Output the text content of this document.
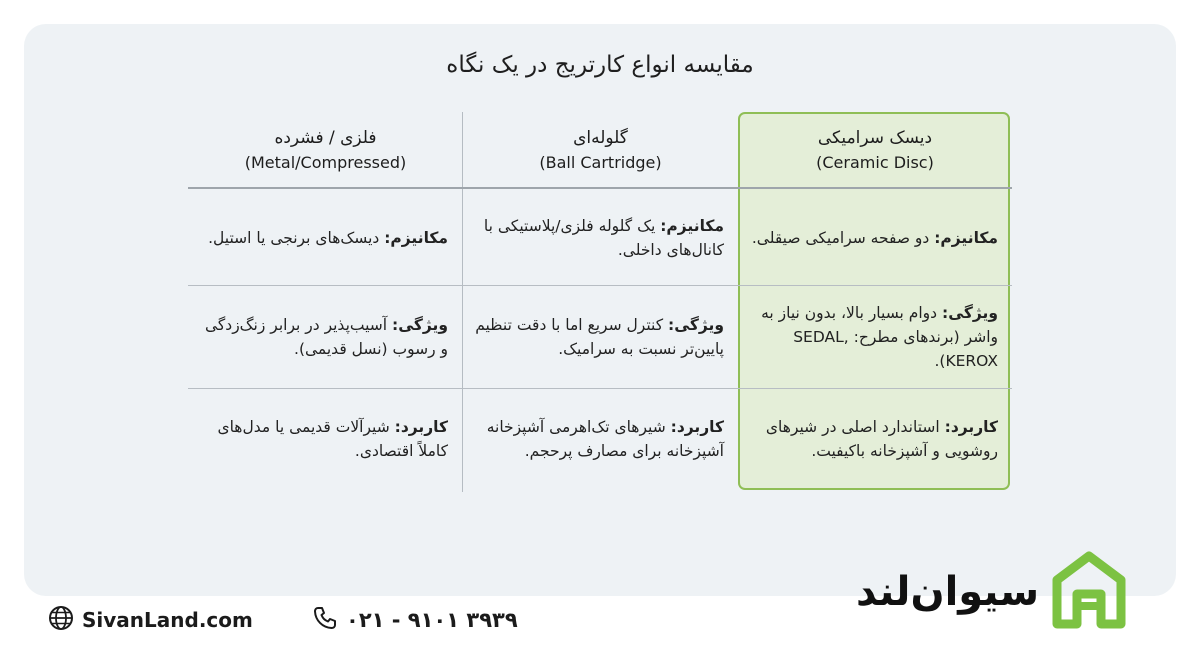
مقایسه انواع کارتریج در یک نگاه
دیسک سرامیکی
(Ceramic Disc)
گلوله‌ای
(Ball Cartridge)
فلزی / فشرده
(Metal/Compressed)
مکانیزم: دو صفحه سرامیکی صیقلی.
مکانیزم: یک گلوله فلزی/پلاستیکی با کانال‌های داخلی.
مکانیزم: دیسک‌های برنجی یا استیل.
ویژگی: دوام بسیار بالا، بدون نیاز به واشر (برندهای مطرح: SEDAL, KEROX).
ویژگی: کنترل سریع اما با دقت تنظیم پایین‌تر نسبت به سرامیک.
ویژگی: آسیب‌پذیر در برابر زنگ‌زدگی و رسوب (نسل قدیمی).
کاربرد: استاندارد اصلی در شیرهای روشویی و آشپزخانه باکیفیت.
کاربرد: شیرهای تک‌اهرمی آشپزخانه آشپزخانه برای مصارف پرحجم.
کاربرد: شیرآلات قدیمی یا مدل‌های کاملاً اقتصادی.
SivanLand.com	۰۲۱ - ۹۱۰۱ ۳۹۳۹
سیوان‌لند
